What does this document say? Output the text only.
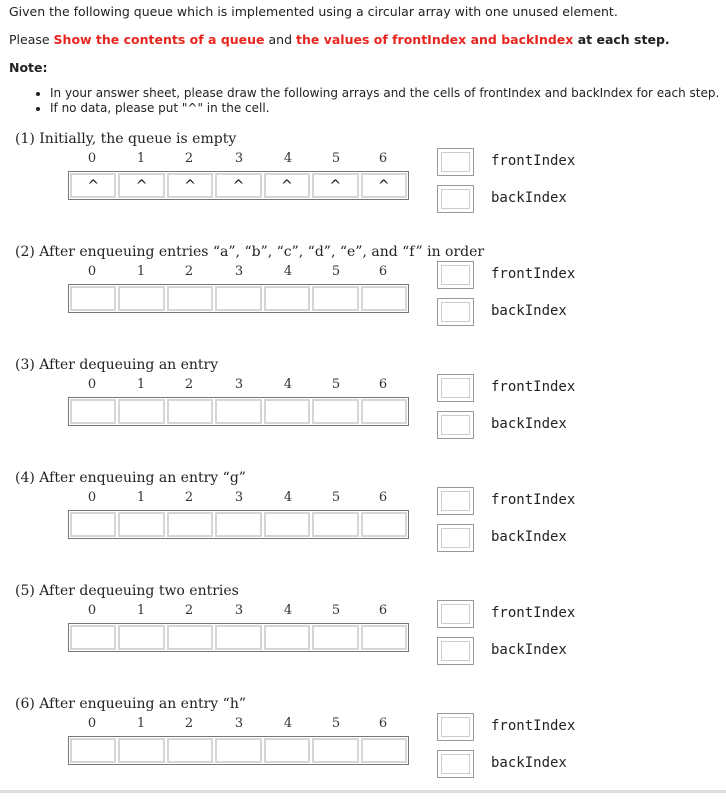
Given the following queue which is implemented using a circular array with one unused element.
Please Show the contents of a queue and the values of frontIndex and backIndex at each step.
Note:
• In your answer sheet, please draw the following arrays and the cells of frontIndex and backIndex for each step.
• If no data, please put "^" in the cell.
(1) Initially, the queue is empty
0	1	2	3	4	5	6
^	^	^	^	^	^	^
frontIndex
backIndex
(2) After enqueuing entries “a”, “b”, “c”, “d”, “e”, and “f” in order
0	1	2	3	4	5	6	frontIndex
backIndex
(3) After dequeuing an entry
0	1	2	3	4	5	6	frontIndex
backIndex
(4) After enqueuing an entry “g”
0	1	2	3	4	5	6	frontIndex
backIndex
(5) After dequeuing two entries
0	1	2	3	4	5	6	frontIndex
backIndex
(6) After enqueuing an entry “h”
0	1	2	3	4	5	6	frontIndex
backIndex
